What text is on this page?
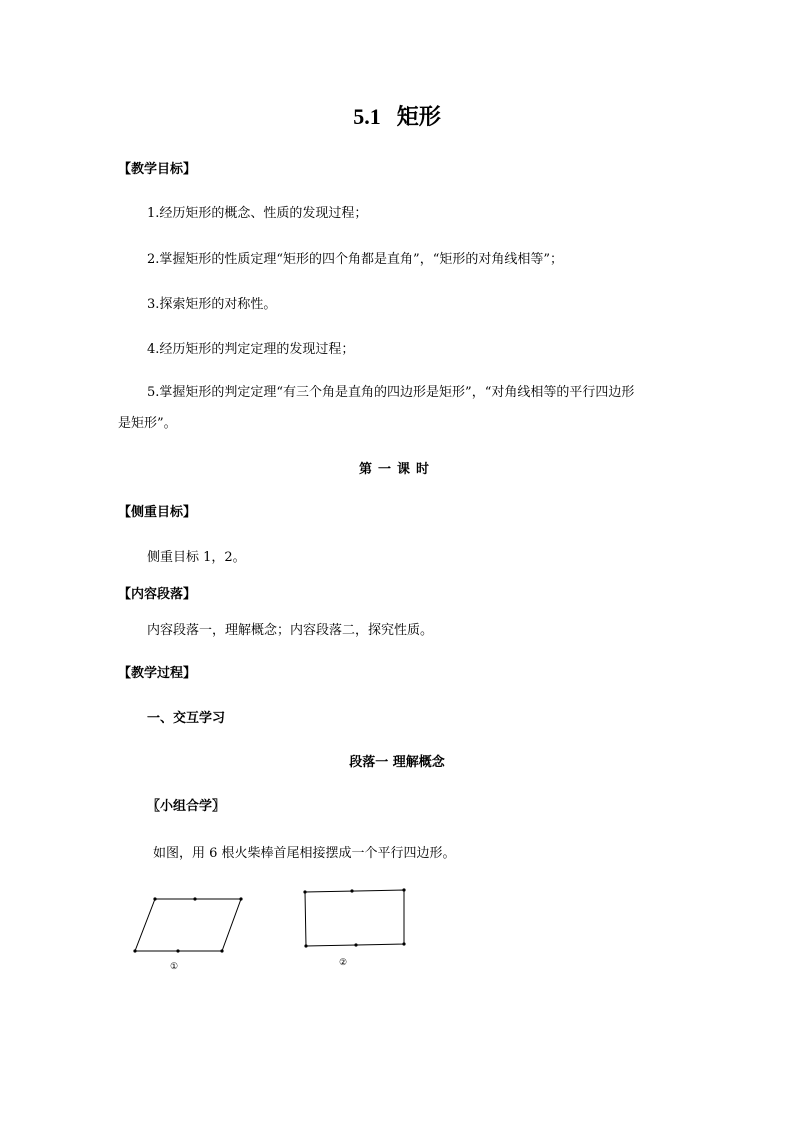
5.1 矩形
【教学目标】
1.经历矩形的概念、性质的发现过程；
2.掌握矩形的性质定理“矩形的四个角都是直角”，“矩形的对角线相等”；
3.探索矩形的对称性。
4.经历矩形的判定定理的发现过程；
5.掌握矩形的判定定理“有三个角是直角的四边形是矩形”，“对角线相等的平行四边形
是矩形”。
第一课时
【侧重目标】
侧重目标 1，2。
【内容段落】
内容段落一，理解概念；内容段落二，探究性质。
【教学过程】
一、交互学习
段落一 理解概念
〖小组合学〗
如图，用 6 根火柴棒首尾相接摆成一个平行四边形。
①	②
